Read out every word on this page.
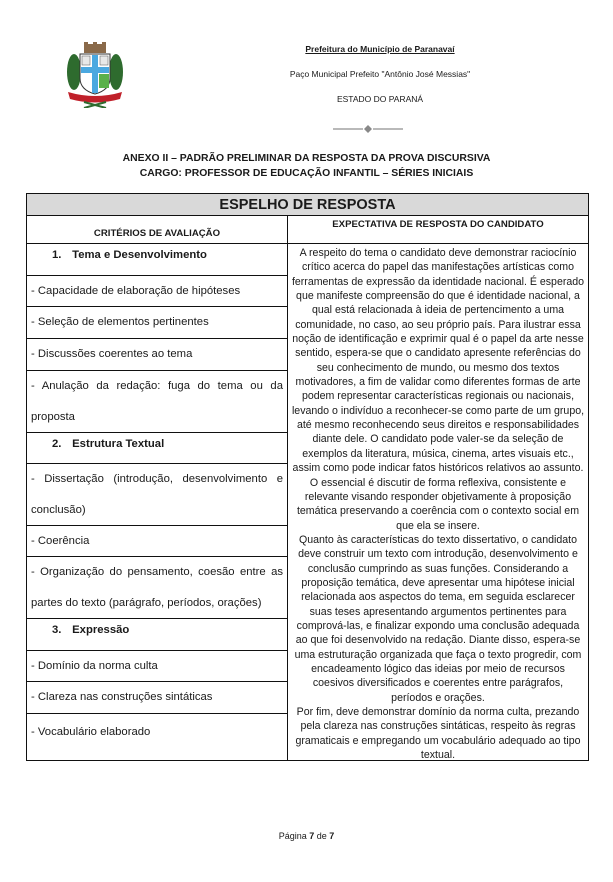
Prefeitura do Município de Paranavaí
Paço Municipal Prefeito "Antônio José Messias"
ESTADO DO PARANÁ
ANEXO II – PADRÃO PRELIMINAR DA RESPOSTA DA PROVA DISCURSIVA
CARGO: PROFESSOR DE EDUCAÇÃO INFANTIL – SÉRIES INICIAIS
ESPELHO DE RESPOSTA
CRITÉRIOS DE AVALIAÇÃO
1. Tema e Desenvolvimento
- Capacidade de elaboração de hipóteses
- Seleção de elementos pertinentes
- Discussões coerentes ao tema
- Anulação da redação: fuga do tema ou da proposta
2. Estrutura Textual
- Dissertação (introdução, desenvolvimento e conclusão)
- Coerência
- Organização do pensamento, coesão entre as partes do texto (parágrafo, períodos, orações)
3. Expressão
- Domínio da norma culta
- Clareza nas construções sintáticas
- Vocabulário elaborado
EXPECTATIVA DE RESPOSTA DO CANDIDATO

A respeito do tema o candidato deve demonstrar raciocínio crítico acerca do papel das manifestações artísticas como ferramentas de expressão da identidade nacional. É esperado que manifeste compreensão do que é identidade nacional, a qual está relacionada à ideia de pertencimento a uma comunidade, no caso, ao seu próprio país. Para ilustrar essa noção de identificação e exprimir qual é o papel da arte nesse sentido, espera-se que o candidato apresente referências do seu conhecimento de mundo, ou mesmo dos textos motivadores, a fim de validar como diferentes formas de arte podem representar características regionais ou nacionais, levando o indivíduo a reconhecer-se como parte de um grupo, até mesmo reconhecendo seus direitos e responsabilidades diante dele. O candidato pode valer-se da seleção de exemplos da literatura, música, cinema, artes visuais etc., assim como pode indicar fatos históricos relativos ao assunto. O essencial é discutir de forma reflexiva, consistente e relevante visando responder objetivamente à proposição temática preservando a coerência com o contexto social em que ela se insere.

Quanto às características do texto dissertativo, o candidato deve construir um texto com introdução, desenvolvimento e conclusão cumprindo as suas funções. Considerando a proposição temática, deve apresentar uma hipótese inicial relacionada aos aspectos do tema, em seguida esclarecer suas teses apresentando argumentos pertinentes para comprová-las, e finalizar expondo uma conclusão adequada ao que foi desenvolvido na redação. Diante disso, espera-se uma estruturação organizada que faça o texto progredir, com encadeamento lógico das ideias por meio de recursos coesivos diversificados e coerentes entre parágrafos, períodos e orações.

Por fim, deve demonstrar domínio da norma culta, prezando pela clareza nas construções sintáticas, respeito às regras gramaticais e empregando um vocabulário adequado ao tipo textual.

Página 7 de 7
